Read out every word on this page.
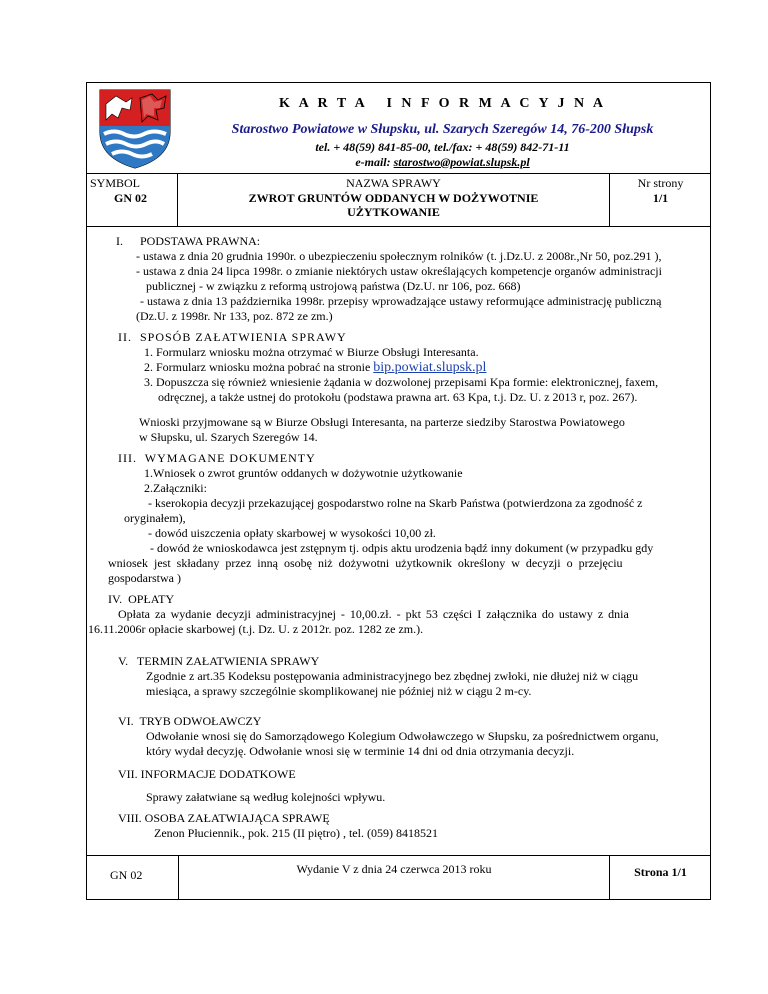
K A R T A   I N F O R M A C Y J N A
Starostwo Powiatowe w Słupsku, ul. Szarych Szeregów 14, 76-200 Słupsk
tel. + 48(59) 841-85-00, tel./fax: + 48(59) 842-71-11
e-mail: starostwo@powiat.slupsk.pl
SYMBOL
GN 02
NAZWA SPRAWY
ZWROT GRUNTÓW ODDANYCH W DOŻYWOTNIE
UŻYTKOWANIE
Nr strony
1/1
I. PODSTAWA PRAWNA:
- ustawa z dnia 20 grudnia 1990r. o ubezpieczeniu społecznym rolników (t. j.Dz.U. z 2008r.,Nr 50, poz.291 ),
- ustawa z dnia 24 lipca 1998r. o zmianie niektórych ustaw określających kompetencje organów administracji
publicznej - w związku z reformą ustrojową państwa (Dz.U. nr 106, poz. 668)
- ustawa z dnia 13 października 1998r. przepisy wprowadzające ustawy reformujące administrację publiczną
(Dz.U. z 1998r. Nr 133, poz. 872 ze zm.)
II.  SPOSÓB ZAŁATWIENIA SPRAWY
1. Formularz wniosku można otrzymać w Biurze Obsługi Interesanta.
2. Formularz wniosku można pobrać na stronie bip.powiat.slupsk.pl
3. Dopuszcza się również wniesienie żądania w dozwolonej przepisami Kpa formie: elektronicznej, faxem,
odręcznej, a także ustnej do protokołu (podstawa prawna art. 63 Kpa, t.j. Dz. U. z 2013 r, poz. 267).
Wnioski przyjmowane są w Biurze Obsługi Interesanta, na parterze siedziby Starostwa Powiatowego
w Słupsku, ul. Szarych Szeregów 14.
III.  WYMAGANE DOKUMENTY
1.Wniosek o zwrot gruntów oddanych w dożywotnie użytkowanie
2.Załączniki:
- kserokopia decyzji przekazującej gospodarstwo rolne na Skarb Państwa (potwierdzona za zgodność z
oryginałem),
- dowód uiszczenia opłaty skarbowej w wysokości 10,00 zł.
- dowód że wnioskodawca jest zstępnym tj. odpis aktu urodzenia bądź inny dokument (w przypadku gdy
wniosek jest składany przez inną osobę niż dożywotni użytkownik określony w decyzji o przejęciu
gospodarstwa )
IV.  OPŁATY
Opłata za wydanie decyzji administracyjnej - 10,00.zł. - pkt 53 części I załącznika do ustawy z dnia
16.11.2006r opłacie skarbowej (t.j. Dz. U. z 2012r. poz. 1282 ze zm.).
V.   TERMIN ZAŁATWIENIA SPRAWY
Zgodnie z art.35 Kodeksu postępowania administracyjnego bez zbędnej zwłoki, nie dłużej niż w ciągu
miesiąca, a sprawy szczególnie skomplikowanej nie później niż w ciągu 2 m-cy.
VI.  TRYB ODWOŁAWCZY
Odwołanie wnosi się do Samorządowego Kolegium Odwoławczego w Słupsku, za pośrednictwem organu,
który wydał decyzję. Odwołanie wnosi się w terminie 14 dni od dnia otrzymania decyzji.
VII. INFORMACJE DODATKOWE
Sprawy załatwiane są według kolejności wpływu.
VIII. OSOBA ZAŁATWIAJĄCA SPRAWĘ
Zenon Płuciennik., pok. 215 (II piętro) , tel. (059) 8418521
GN 02	Wydanie V z dnia 24 czerwca 2013 roku	Strona 1/1
